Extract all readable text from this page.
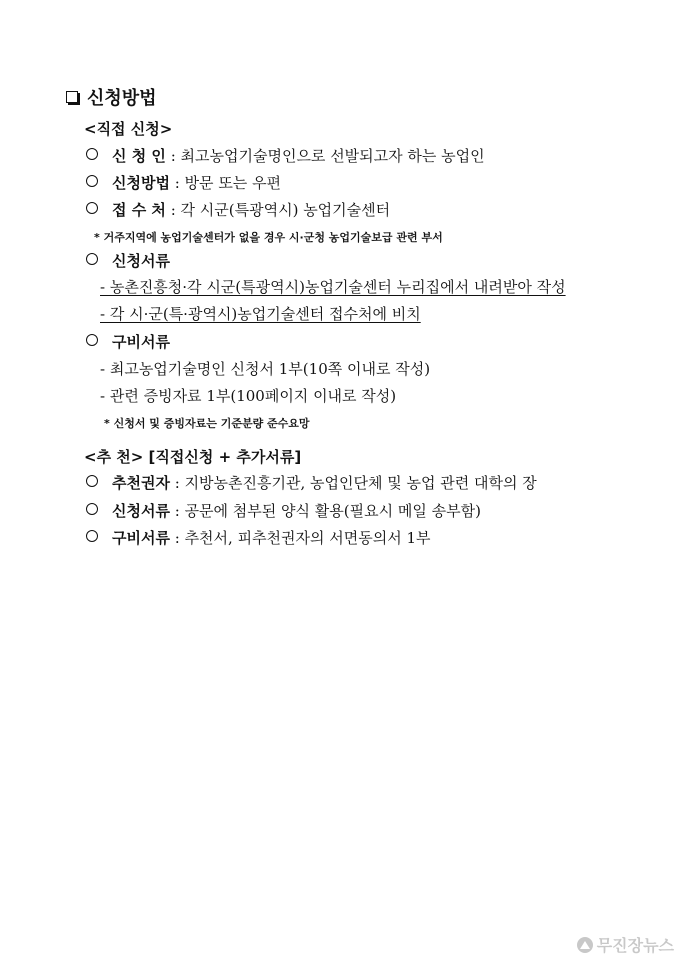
신청방법
<직접 신청>
신 청 인
: 최고농업기술명인으로 선발되고자 하는 농업인
신청방법
: 방문 또는 우편
접 수 처
: 각 시군(특광역시) 농업기술센터
* 거주지역에 농업기술센터가 없을 경우 시·군청 농업기술보급 관련 부서
신청서류
- 농촌진흥청·각 시군(특광역시)농업기술센터 누리집에서 내려받아 작성
- 각 시·군(특·광역시)농업기술센터 접수처에 비치
구비서류
- 최고농업기술명인 신청서 1부(10쪽 이내로 작성)
- 관련 증빙자료 1부(100페이지 이내로 작성)
* 신청서 및 증빙자료는 기준분량 준수요망
<추 천> [직접신청 + 추가서류]
추천권자
: 지방농촌진흥기관, 농업인단체 및 농업 관련 대학의 장
신청서류
: 공문에 첨부된 양식 활용(필요시 메일 송부함)
구비서류
: 추천서, 피추천권자의 서면동의서 1부
무진장뉴스
